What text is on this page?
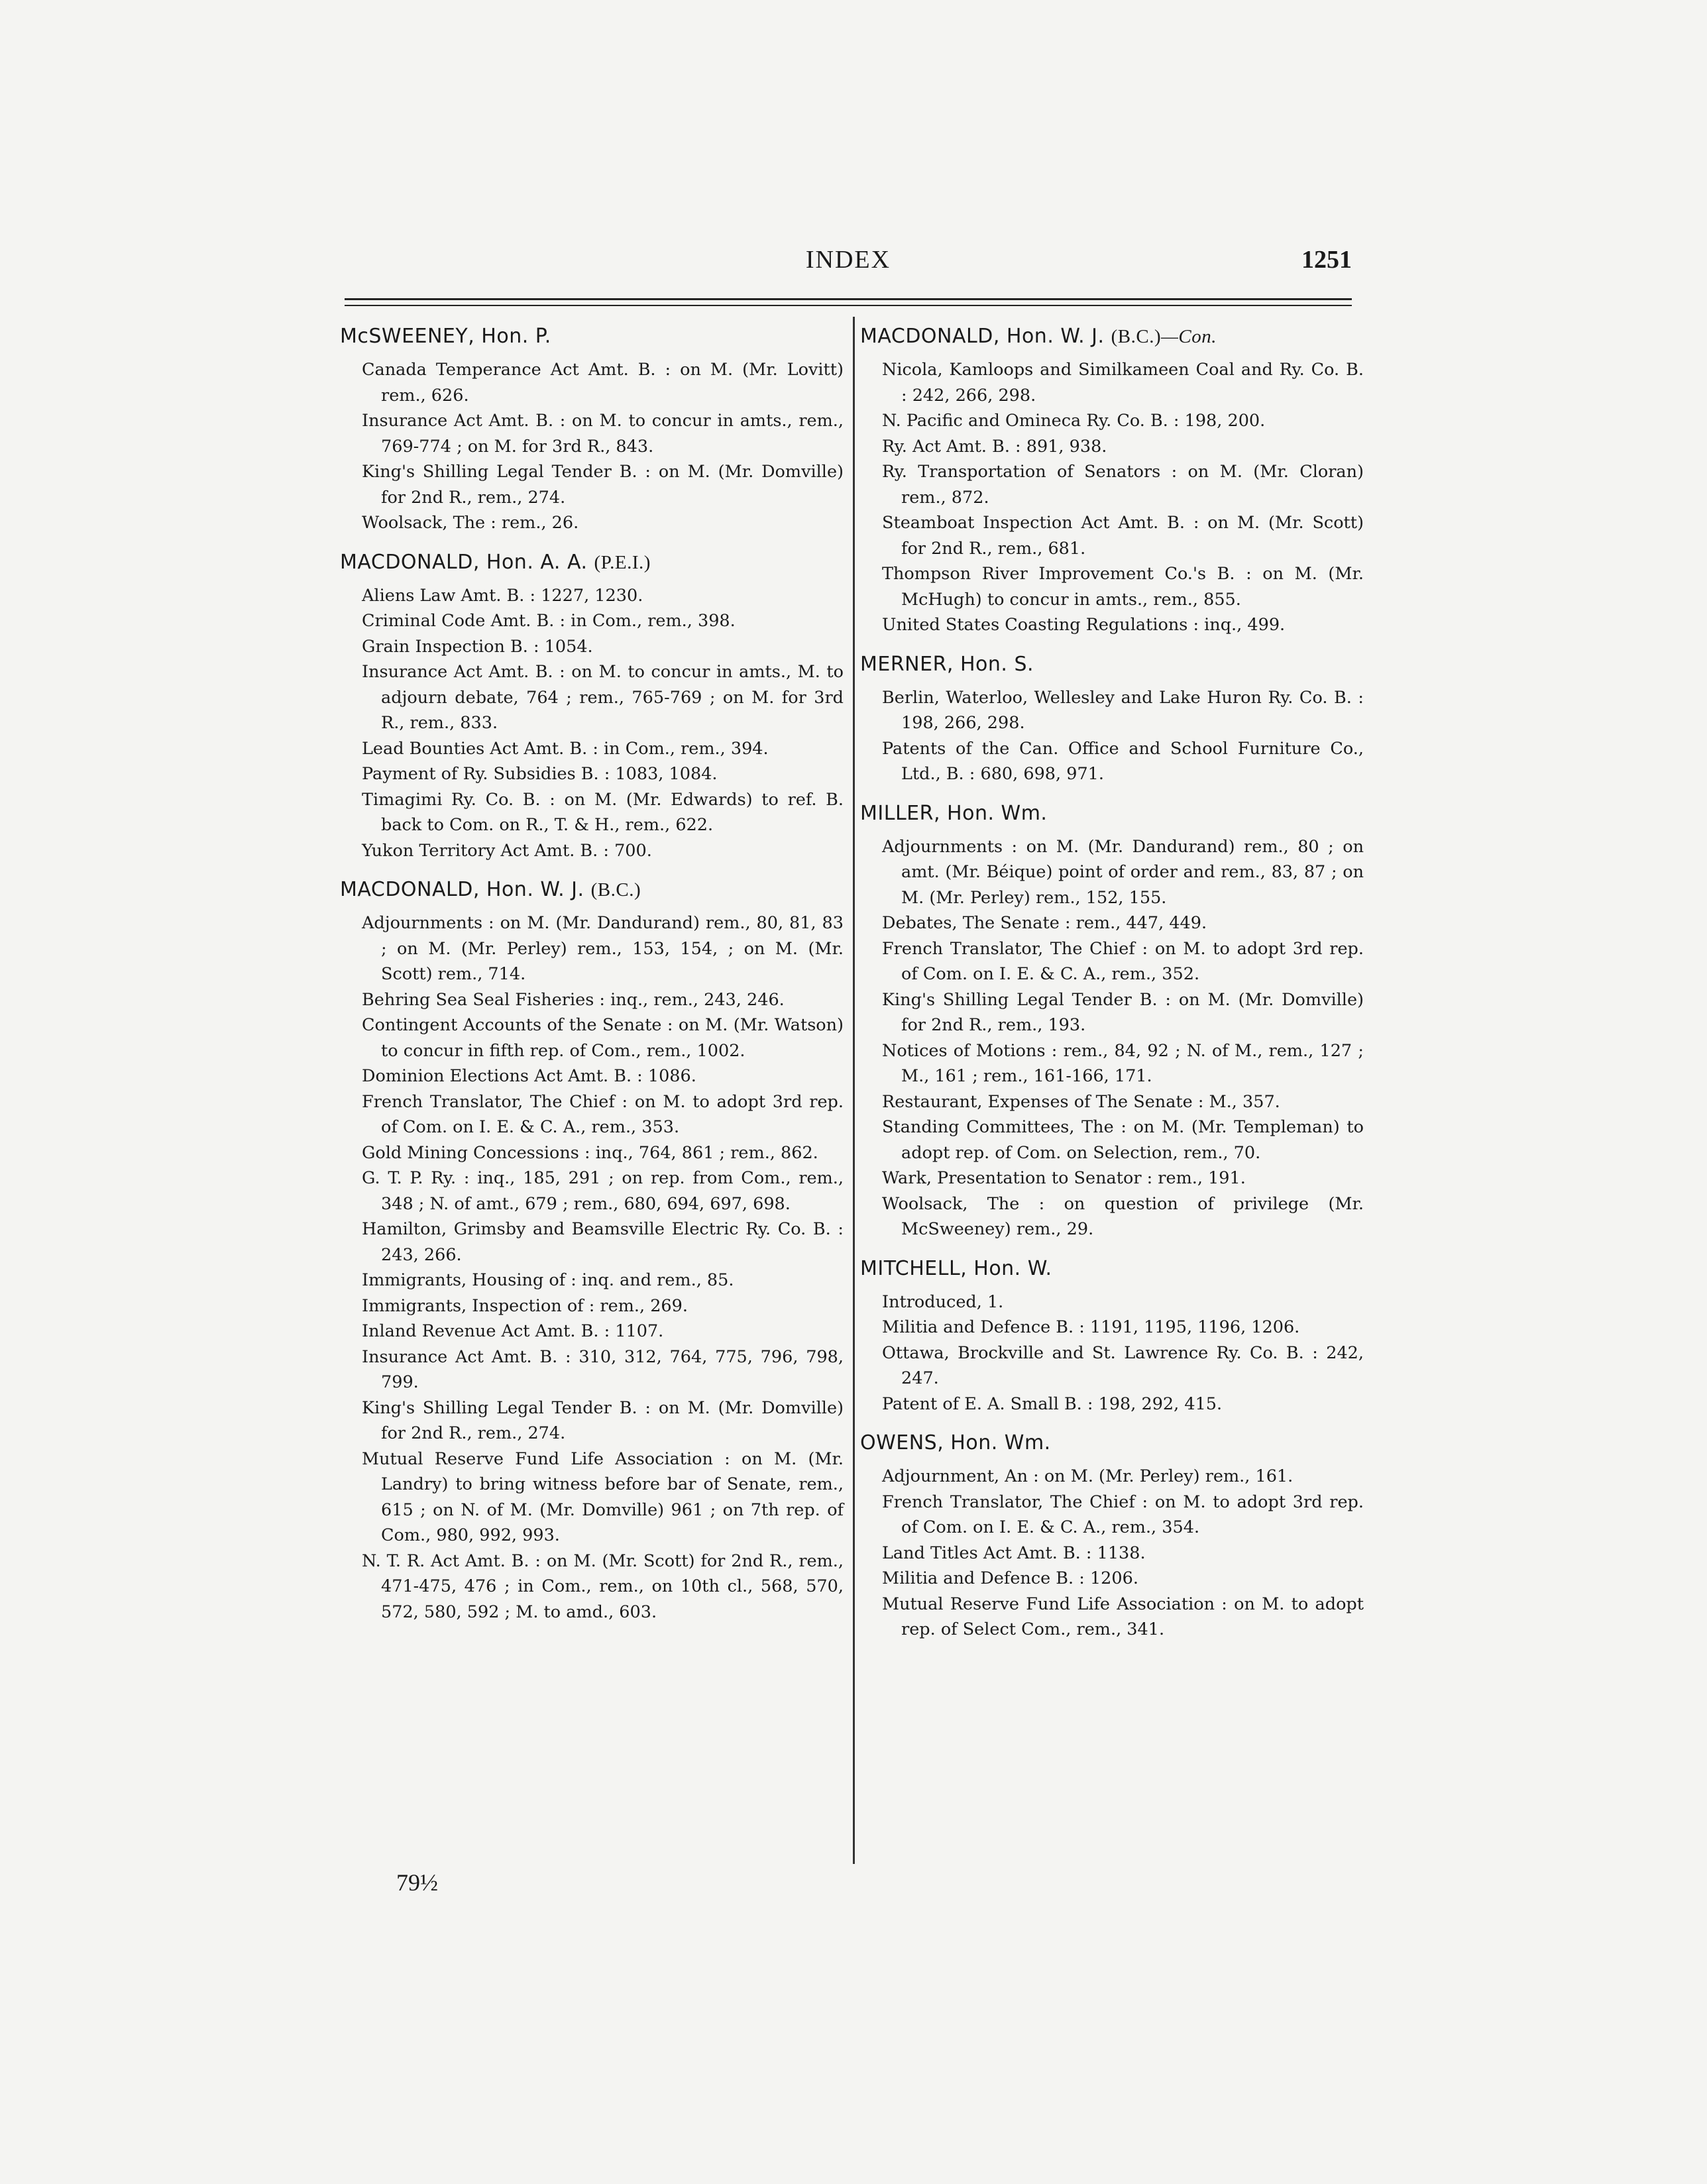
INDEX	1251
McSWEENEY, Hon. P.
Canada Temperance Act Amt. B. : on M. (Mr. Lovitt) rem., 626.
Insurance Act Amt. B. : on M. to concur in amts., rem., 769-774 ; on M. for 3rd R., 843.
King's Shilling Legal Tender B. : on M. (Mr. Domville) for 2nd R., rem., 274.
Woolsack, The : rem., 26.
MACDONALD, Hon. A. A. (P.E.I.)
Aliens Law Amt. B. : 1227, 1230.
Criminal Code Amt. B. : in Com., rem., 398.
Grain Inspection B. : 1054.
Insurance Act Amt. B. : on M. to concur in amts., M. to adjourn debate, 764 ; rem., 765-769 ; on M. for 3rd R., rem., 833.
Lead Bounties Act Amt. B. : in Com., rem., 394.
Payment of Ry. Subsidies B. : 1083, 1084.
Timagimi Ry. Co. B. : on M. (Mr. Edwards) to ref. B. back to Com. on R., T. & H., rem., 622.
Yukon Territory Act Amt. B. : 700.
MACDONALD, Hon. W. J. (B.C.)
Adjournments : on M. (Mr. Dandurand) rem., 80, 81, 83 ; on M. (Mr. Perley) rem., 153, 154, ; on M. (Mr. Scott) rem., 714.
Behring Sea Seal Fisheries : inq., rem., 243, 246.
Contingent Accounts of the Senate : on M. (Mr. Watson) to concur in fifth rep. of Com., rem., 1002.
Dominion Elections Act Amt. B. : 1086.
French Translator, The Chief : on M. to adopt 3rd rep. of Com. on I. E. & C. A., rem., 353.
Gold Mining Concessions : inq., 764, 861 ; rem., 862.
G. T. P. Ry. : inq., 185, 291 ; on rep. from Com., rem., 348 ; N. of amt., 679 ; rem., 680, 694, 697, 698.
Hamilton, Grimsby and Beamsville Electric Ry. Co. B. : 243, 266.
Immigrants, Housing of : inq. and rem., 85.
Immigrants, Inspection of : rem., 269.
Inland Revenue Act Amt. B. : 1107.
Insurance Act Amt. B. : 310, 312, 764, 775, 796, 798, 799.
King's Shilling Legal Tender B. : on M. (Mr. Domville) for 2nd R., rem., 274.
Mutual Reserve Fund Life Association : on M. (Mr. Landry) to bring witness before bar of Senate, rem., 615 ; on N. of M. (Mr. Domville) 961 ; on 7th rep. of Com., 980, 992, 993.
N. T. R. Act Amt. B. : on M. (Mr. Scott) for 2nd R., rem., 471-475, 476 ; in Com., rem., on 10th cl., 568, 570, 572, 580, 592 ; M. to amd., 603.
MACDONALD, Hon. W. J. (B.C.)—Con.
Nicola, Kamloops and Similkameen Coal and Ry. Co. B. : 242, 266, 298.
N. Pacific and Omineca Ry. Co. B. : 198, 200.
Ry. Act Amt. B. : 891, 938.
Ry. Transportation of Senators : on M. (Mr. Cloran) rem., 872.
Steamboat Inspection Act Amt. B. : on M. (Mr. Scott) for 2nd R., rem., 681.
Thompson River Improvement Co.'s B. : on M. (Mr. McHugh) to concur in amts., rem., 855.
United States Coasting Regulations : inq., 499.
MERNER, Hon. S.
Berlin, Waterloo, Wellesley and Lake Huron Ry. Co. B. : 198, 266, 298.
Patents of the Can. Office and School Furniture Co., Ltd., B. : 680, 698, 971.
MILLER, Hon. Wm.
Adjournments : on M. (Mr. Dandurand) rem., 80 ; on amt. (Mr. Béique) point of order and rem., 83, 87 ; on M. (Mr. Perley) rem., 152, 155.
Debates, The Senate : rem., 447, 449.
French Translator, The Chief : on M. to adopt 3rd rep. of Com. on I. E. & C. A., rem., 352.
King's Shilling Legal Tender B. : on M. (Mr. Domville) for 2nd R., rem., 193.
Notices of Motions : rem., 84, 92 ; N. of M., rem., 127 ; M., 161 ; rem., 161-166, 171.
Restaurant, Expenses of The Senate : M., 357.
Standing Committees, The : on M. (Mr. Templeman) to adopt rep. of Com. on Selection, rem., 70.
Wark, Presentation to Senator : rem., 191.
Woolsack, The : on question of privilege (Mr. McSweeney) rem., 29.
MITCHELL, Hon. W.
Introduced, 1.
Militia and Defence B. : 1191, 1195, 1196, 1206.
Ottawa, Brockville and St. Lawrence Ry. Co. B. : 242, 247.
Patent of E. A. Small B. : 198, 292, 415.
OWENS, Hon. Wm.
Adjournment, An : on M. (Mr. Perley) rem., 161.
French Translator, The Chief : on M. to adopt 3rd rep. of Com. on I. E. & C. A., rem., 354.
Land Titles Act Amt. B. : 1138.
Militia and Defence B. : 1206.
Mutual Reserve Fund Life Association : on M. to adopt rep. of Select Com., rem., 341.
79½
